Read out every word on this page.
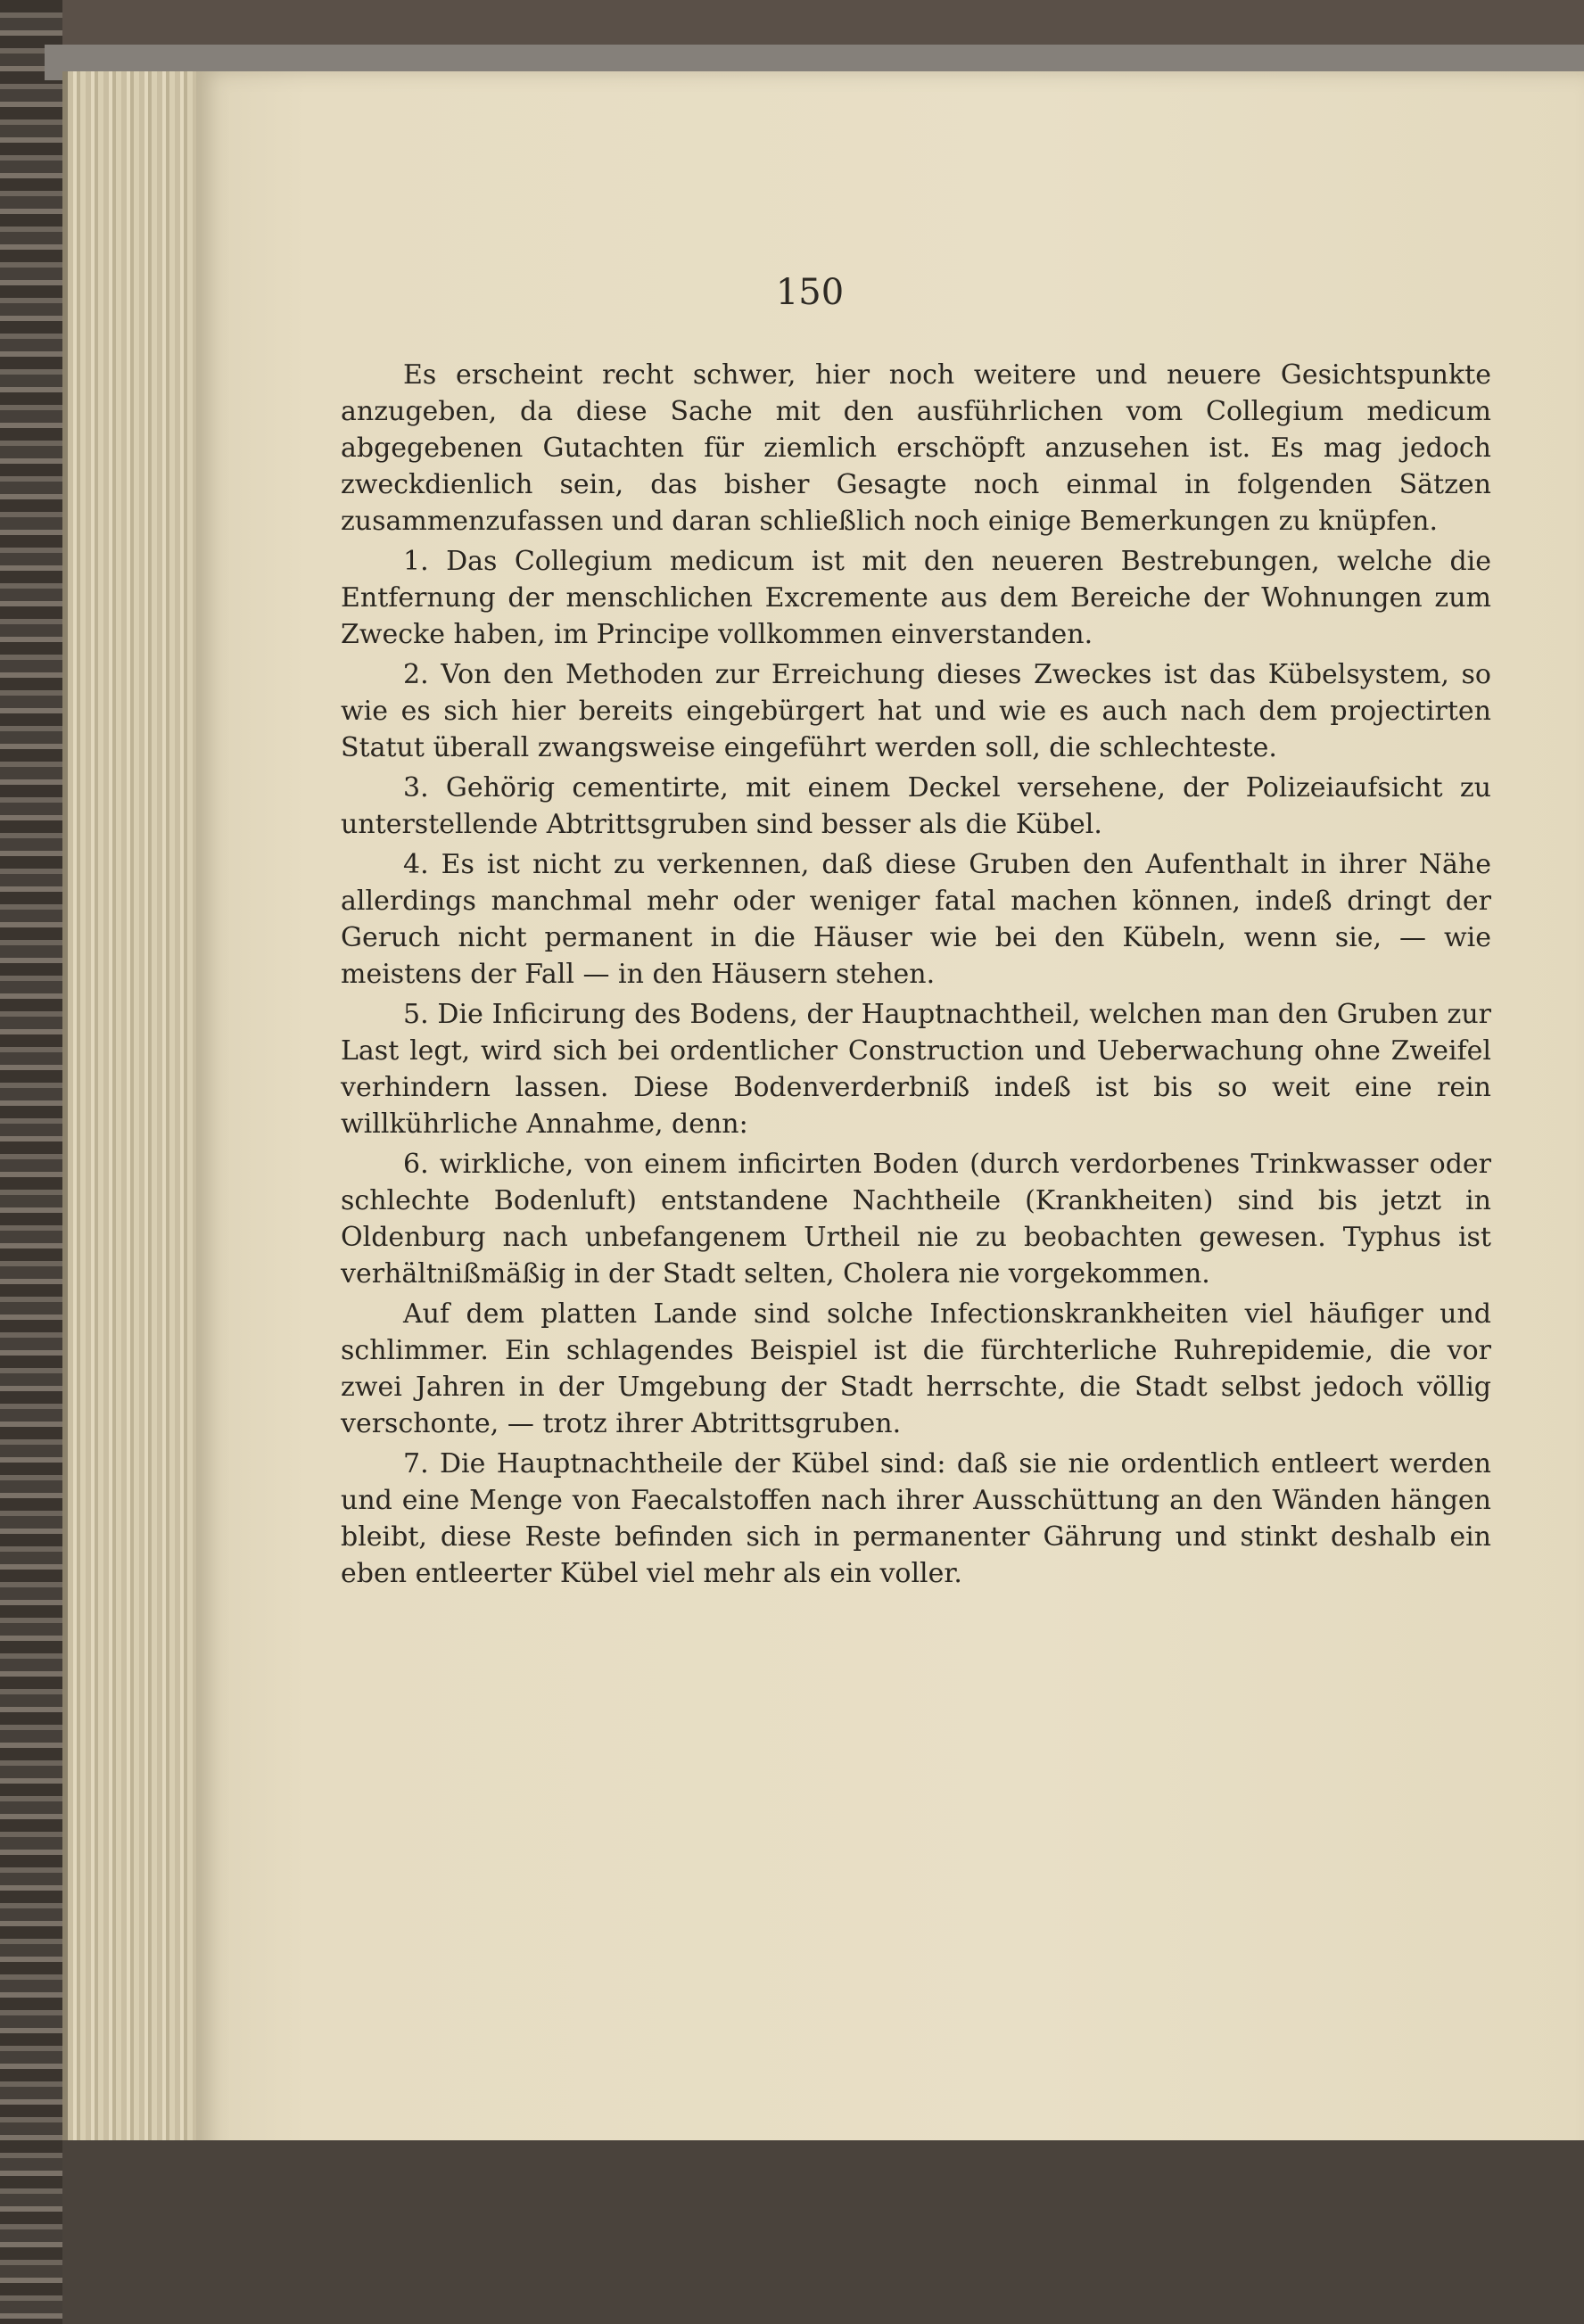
150

Es erscheint recht schwer, hier noch weitere und neuere Gesichtspunkte anzugeben, da diese Sache mit den ausführlichen vom Collegium medicum abgegebenen Gutachten für ziemlich erschöpft anzusehen ist. Es mag jedoch zweckdienlich sein, das bisher Gesagte noch einmal in folgenden Sätzen zusammenzufassen und daran schließlich noch einige Bemerkungen zu knüpfen.

1. Das Collegium medicum ist mit den neueren Bestrebungen, welche die Entfernung der menschlichen Excremente aus dem Bereiche der Wohnungen zum Zwecke haben, im Principe vollkommen einverstanden.

2. Von den Methoden zur Erreichung dieses Zweckes ist das Kübelsystem, so wie es sich hier bereits eingebürgert hat und wie es auch nach dem projectirten Statut überall zwangsweise eingeführt werden soll, die schlechteste.

3. Gehörig cementirte, mit einem Deckel versehene, der Polizeiaufsicht zu unterstellende Abtrittsgruben sind besser als die Kübel.

4. Es ist nicht zu verkennen, daß diese Gruben den Aufenthalt in ihrer Nähe allerdings manchmal mehr oder weniger fatal machen können, indeß dringt der Geruch nicht permanent in die Häuser wie bei den Kübeln, wenn sie, — wie meistens der Fall — in den Häusern stehen.

5. Die Inficirung des Bodens, der Hauptnachtheil, welchen man den Gruben zur Last legt, wird sich bei ordentlicher Construction und Ueberwachung ohne Zweifel verhindern lassen. Diese Bodenverderbniß indeß ist bis so weit eine rein willkührliche Annahme, denn:

6. wirkliche, von einem inficirten Boden (durch verdorbenes Trinkwasser oder schlechte Bodenluft) entstandene Nachtheile (Krankheiten) sind bis jetzt in Oldenburg nach unbefangenem Urtheil nie zu beobachten gewesen. Typhus ist verhältnißmäßig in der Stadt selten, Cholera nie vorgekommen.

Auf dem platten Lande sind solche Infectionskrankheiten viel häufiger und schlimmer. Ein schlagendes Beispiel ist die fürchterliche Ruhrepidemie, die vor zwei Jahren in der Umgebung der Stadt herrschte, die Stadt selbst jedoch völlig verschonte, — trotz ihrer Abtrittsgruben.

7. Die Hauptnachtheile der Kübel sind: daß sie nie ordentlich entleert werden und eine Menge von Faecalstoffen nach ihrer Ausschüttung an den Wänden hängen bleibt, diese Reste befinden sich in permanenter Gährung und stinkt deshalb ein eben entleerter Kübel viel mehr als ein voller.
